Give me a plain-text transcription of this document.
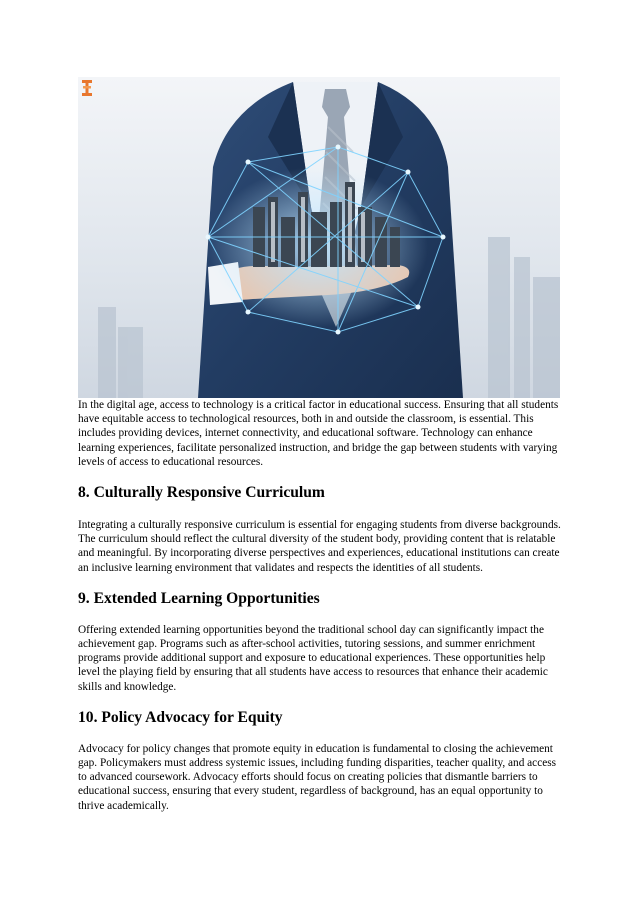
In the digital age, access to technology is a critical factor in educational success. Ensuring that all students have equitable access to technological resources, both in and outside the classroom, is essential. This includes providing devices, internet connectivity, and educational software. Technology can enhance learning experiences, facilitate personalized instruction, and bridge the gap between students with varying levels of access to educational resources.

8. Culturally Responsive Curriculum

Integrating a culturally responsive curriculum is essential for engaging students from diverse backgrounds. The curriculum should reflect the cultural diversity of the student body, providing content that is relatable and meaningful. By incorporating diverse perspectives and experiences, educational institutions can create an inclusive learning environment that validates and respects the identities of all students.

9. Extended Learning Opportunities

Offering extended learning opportunities beyond the traditional school day can significantly impact the achievement gap. Programs such as after-school activities, tutoring sessions, and summer enrichment programs provide additional support and exposure to educational experiences. These opportunities help level the playing field by ensuring that all students have access to resources that enhance their academic skills and knowledge.

10. Policy Advocacy for Equity

Advocacy for policy changes that promote equity in education is fundamental to closing the achievement gap. Policymakers must address systemic issues, including funding disparities, teacher quality, and access to advanced coursework. Advocacy efforts should focus on creating policies that dismantle barriers to educational success, ensuring that every student, regardless of background, has an equal opportunity to thrive academically.
